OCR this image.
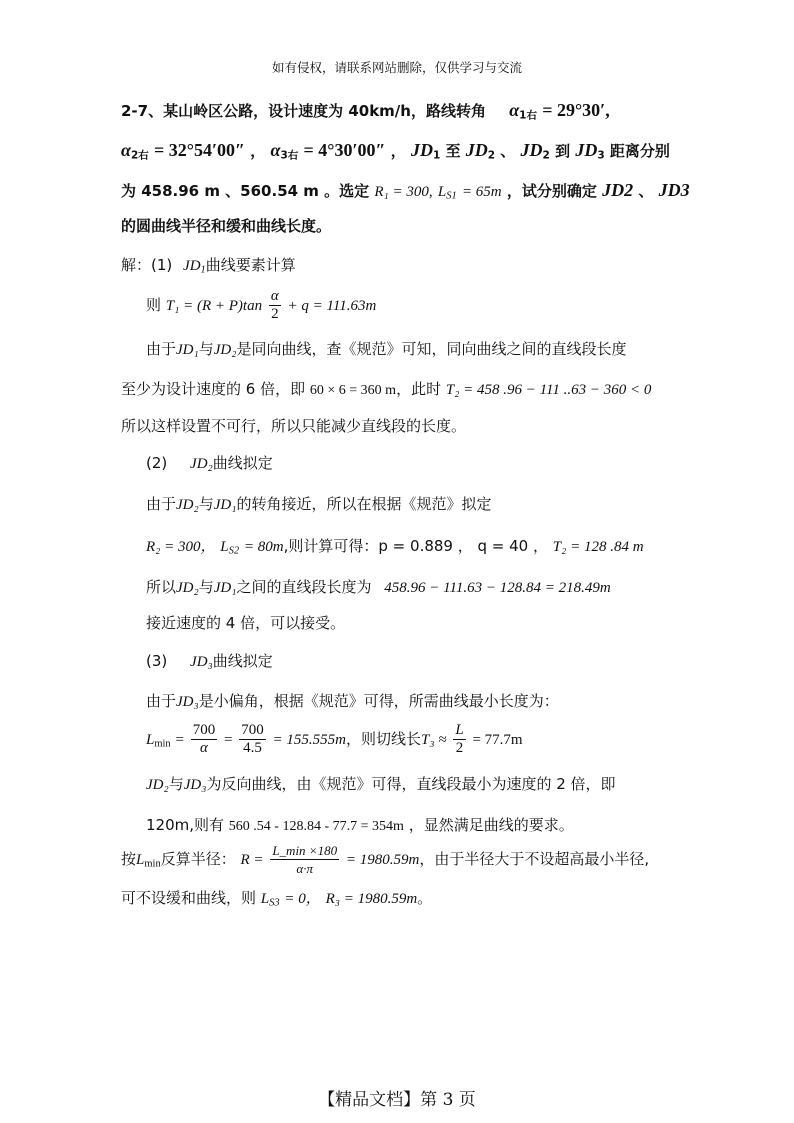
如有侵权，请联系网站删除，仅供学习与交流
2-7、某山岭区公路，设计速度为 40km/h，路线转角 $\alpha_{1右} = 29^\circ 30'$,
$\alpha_{2右} = 32^\circ 54'00''$ ， $\alpha_{3右} = 4^\circ 30'00''$ ， $JD_1$ 至 $JD_2$ 、 $JD_2$ 到 $JD_3$ 距离分别
为 458.96 m 、560.54 m 。选定 R₁ = 300, $L_{S1} = 65m$ ，试分别确定 JD2 、 JD3
的圆曲线半径和缓和曲线长度。
解：(1) $JD_1$曲线要素计算
则 $T_1 = (R + P)\tan \frac{\alpha}{2} + q = 111.63m$
由于JD₁与JD₂是同向曲线，查《规范》可知，同向曲线之间的直线段长度
至少为设计速度的 6 倍，即 60 × 6 = 360 m，此时 T₂ = 458 .96 − 111 ..63 − 360 < 0
所以这样设置不可行，所以只能减少直线段的长度。
(2) JD₂曲线拟定
由于JD₂与JD₁的转角接近，所以在根据《规范》拟定
R₂ = 300， $L_{S2} = 80m$,则计算可得：p = 0.889 ， q = 40 ， T₂ = 128 .84 m
所以JD₂与JD₁之间的直线段长度为 458.96 − 111.63 − 128.84 = 218.49m
接近速度的 4 倍，可以接受。
(3) JD₃曲线拟定
由于JD₃是小偏角，根据《规范》可得，所需曲线最小长度为：
$L_{min} = \frac{700}{\alpha} = \frac{700}{4.5} = 155.555m$，则切线长$T_3 \approx \frac{L}{2} = 77.7m$
JD₂与JD₃为反向曲线，由《规范》可得，直线段最小为速度的 2 倍，即
120m,则有 560 .54 - 128.84 - 77.7 = 354m ，显然满足曲线的要求。
按$L_{min}$反算半径： $R = \frac{L\_\min \times 180}{\alpha\cdot\pi} = 1980.59m$，由于半径大于不设超高最小半径,
可不设缓和曲线，则 $L_{S3} = 0$， R₃ = 1980.59m。
【精品文档】第 3 页
